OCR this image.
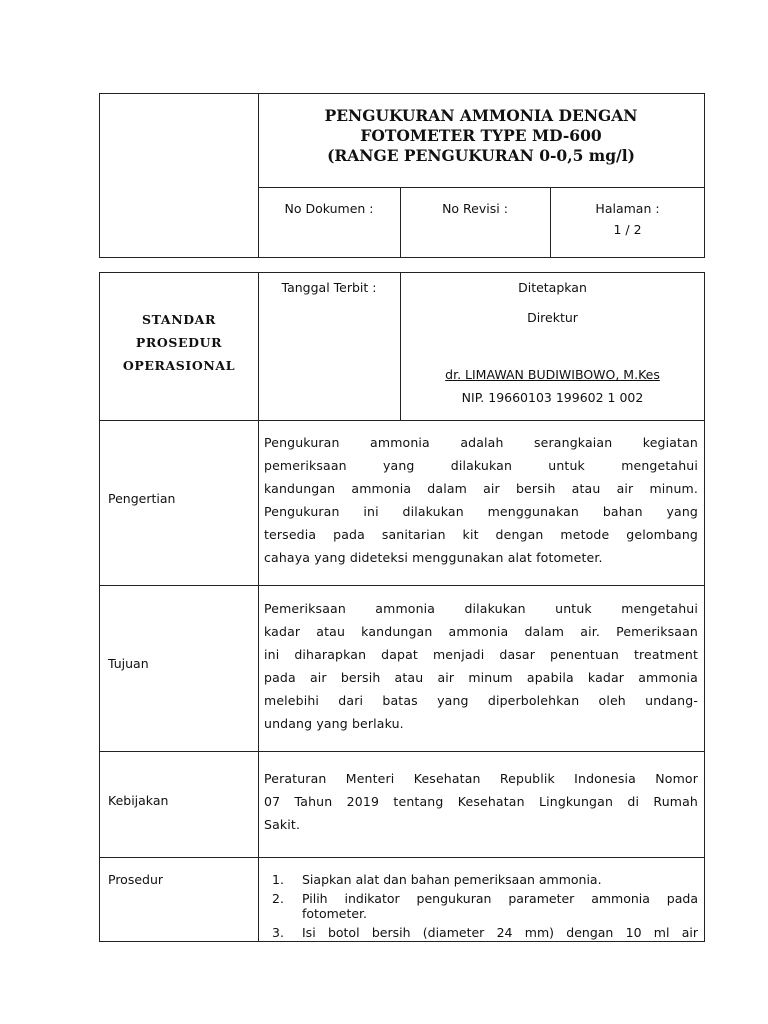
PENGUKURAN AMMONIA DENGAN
FOTOMETER TYPE MD-600
(RANGE PENGUKURAN 0-0,5 mg/l)
No Dokumen :	No Revisi :	Halaman :
1 / 2
STANDAR
PROSEDUR
OPERASIONAL
Tanggal Terbit :	Ditetapkan
Direktur
dr. LIMAWAN BUDIWIBOWO, M.Kes
NIP. 19660103 199602 1 002
Pengertian
Pengukuran ammonia adalah serangkaian kegiatan
pemeriksaan yang dilakukan untuk mengetahui
kandungan ammonia dalam air bersih atau air minum.
Pengukuran ini dilakukan menggunakan bahan yang
tersedia pada sanitarian kit dengan metode gelombang
cahaya yang dideteksi menggunakan alat fotometer.
Tujuan
Pemeriksaan ammonia dilakukan untuk mengetahui
kadar atau kandungan ammonia dalam air. Pemeriksaan
ini diharapkan dapat menjadi dasar penentuan treatment
pada air bersih atau air minum apabila kadar ammonia
melebihi dari batas yang diperbolehkan oleh undang-
undang yang berlaku.
Kebijakan
Peraturan Menteri Kesehatan Republik Indonesia Nomor
07 Tahun 2019 tentang Kesehatan Lingkungan di Rumah
Sakit.
Prosedur	1. Siapkan alat dan bahan pemeriksaan ammonia.
2. Pilih indikator pengukuran parameter ammonia pada
fotometer.
3. Isi botol bersih (diameter 24 mm) dengan 10 ml air
